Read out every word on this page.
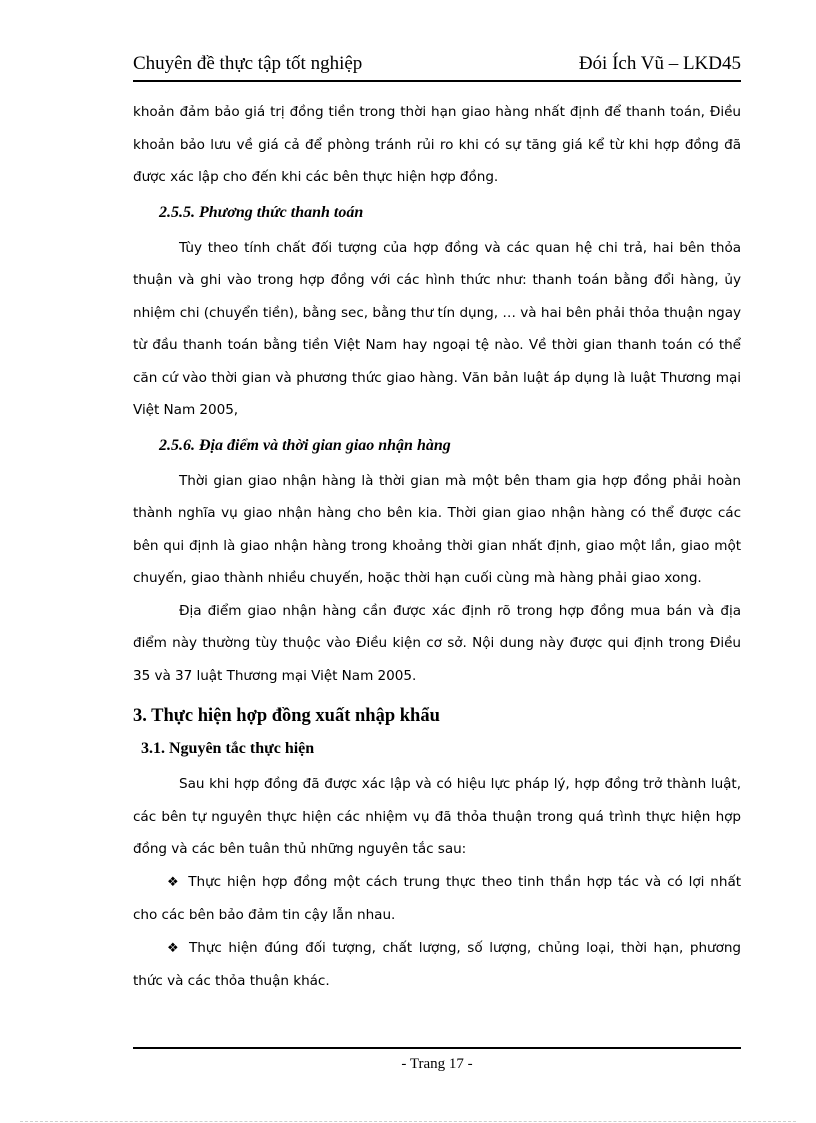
Chuyên đề thực tập tốt nghiệp	Đói Ích Vũ – LKD45

khoản đảm bảo giá trị đồng tiền trong thời hạn giao hàng nhất định để thanh toán, Điều khoản bảo lưu về giá cả để phòng tránh rủi ro khi có sự tăng giá kể từ khi hợp đồng đã được xác lập cho đến khi các bên thực hiện hợp đồng.

2.5.5. Phương thức thanh toán

Tùy theo tính chất đối tượng của hợp đồng và các quan hệ chi trả, hai bên thỏa thuận và ghi vào trong hợp đồng với các hình thức như: thanh toán bằng đổi hàng, ủy nhiệm chi (chuyển tiền), bằng sec, bằng thư tín dụng, … và hai bên phải thỏa thuận ngay từ đầu thanh toán bằng tiền Việt Nam hay ngoại tệ nào. Về thời gian thanh toán có thể căn cứ vào thời gian và phương thức giao hàng. Văn bản luật áp dụng là luật Thương mại Việt Nam 2005,

2.5.6. Địa điểm và thời gian giao nhận hàng

Thời gian giao nhận hàng là thời gian mà một bên tham gia hợp đồng phải hoàn thành nghĩa vụ giao nhận hàng cho bên kia. Thời gian giao nhận hàng có thể được các bên qui định là giao nhận hàng trong khoảng thời gian nhất định, giao một lần, giao một chuyến, giao thành nhiều chuyến, hoặc thời hạn cuối cùng mà hàng phải giao xong.

Địa điểm giao nhận hàng cần được xác định rõ trong hợp đồng mua bán và địa điểm này thường tùy thuộc vào Điều kiện cơ sở. Nội dung này được qui định trong Điều 35 và 37 luật Thương mại Việt Nam 2005.

3. Thực hiện hợp đồng xuất nhập khẩu
3.1. Nguyên tắc thực hiện

Sau khi hợp đồng đã được xác lập và có hiệu lực pháp lý, hợp đồng trở thành luật, các bên tự nguyên thực hiện các nhiệm vụ đã thỏa thuận trong quá trình thực hiện hợp đồng và các bên tuân thủ những nguyên tắc sau:

❖ Thực hiện hợp đồng một cách trung thực theo tinh thần hợp tác và có lợi nhất cho các bên bảo đảm tin cậy lẫn nhau.

❖ Thực hiện đúng đối tượng, chất lượng, số lượng, chủng loại, thời hạn, phương thức và các thỏa thuận khác.

- Trang 17 -
